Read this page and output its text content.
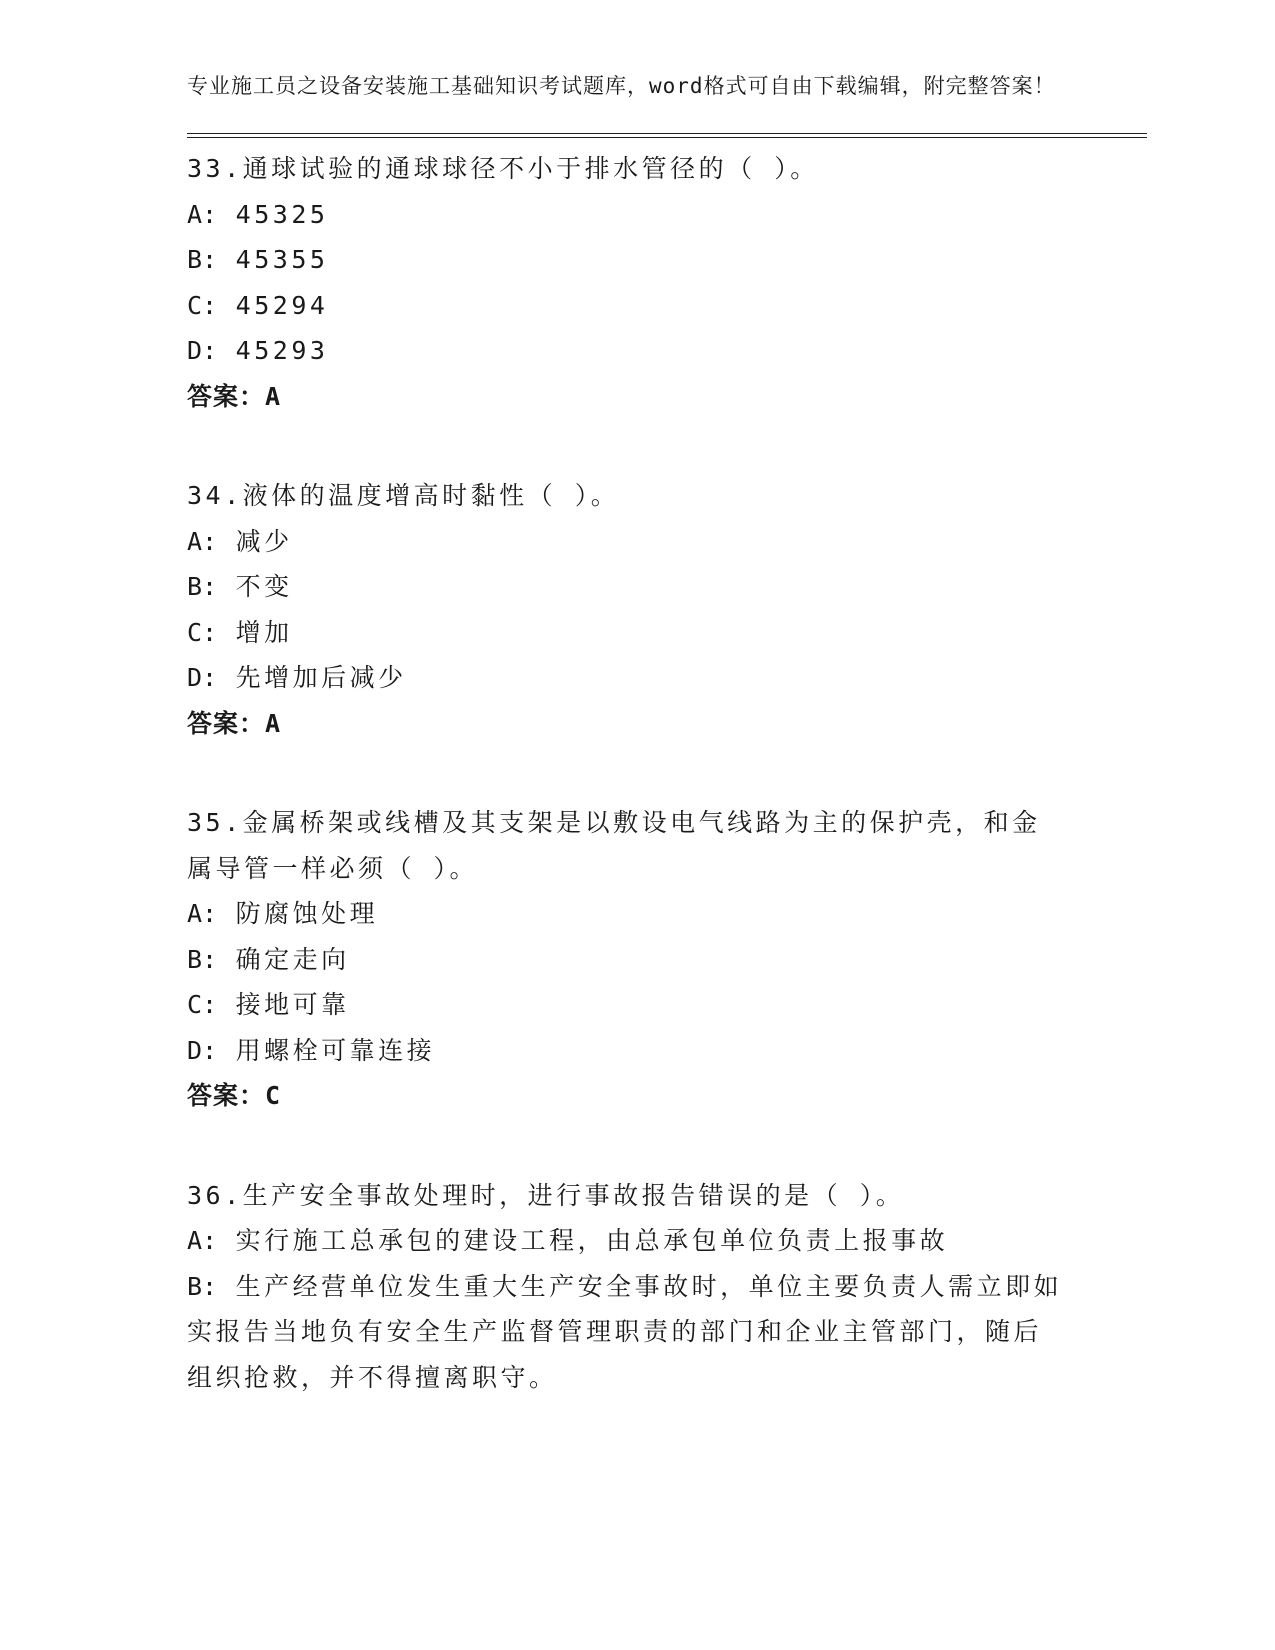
专业施工员之设备安装施工基础知识考试题库，word格式可自由下载编辑，附完整答案！

33.通球试验的通球球径不小于排水管径的（ ）。

A: 45325

B: 45355

C: 45294

D: 45293

答案：A

34.液体的温度增高时黏性（ ）。

A: 减少

B: 不变

C: 增加

D: 先增加后减少

答案：A

35.金属桥架或线槽及其支架是以敷设电气线路为主的保护壳，和金属导管一样必须（ ）。

A: 防腐蚀处理

B: 确定走向

C: 接地可靠

D: 用螺栓可靠连接

答案：C

36.生产安全事故处理时，进行事故报告错误的是（ ）。

A: 实行施工总承包的建设工程，由总承包单位负责上报事故

B: 生产经营单位发生重大生产安全事故时，单位主要负责人需立即如实报告当地负有安全生产监督管理职责的部门和企业主管部门，随后组织抢救，并不得擅离职守。
